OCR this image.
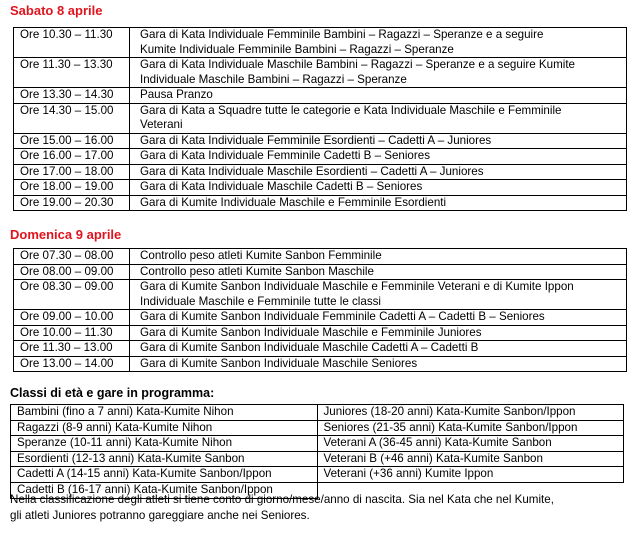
Sabato 8 aprile
Ore 10.30 – 11.30	Gara di Kata Individuale Femminile Bambini – Ragazzi – Speranze e a seguire
Kumite Individuale Femminile Bambini – Ragazzi – Speranze

Ore 11.30 – 13.30	Gara di Kata Individuale Maschile Bambini – Ragazzi – Speranze e a seguire Kumite
Individuale Maschile Bambini – Ragazzi – Speranze

Ore 13.30 – 14.30	Pausa Pranzo

Ore 14.30 – 15.00	Gara di Kata a Squadre tutte le categorie e Kata Individuale Maschile e Femminile
Veterani

Ore 15.00 – 16.00	Gara di Kata Individuale Femminile Esordienti – Cadetti A – Juniores

Ore 16.00 – 17.00	Gara di Kata Individuale Femminile Cadetti B – Seniores

Ore 17.00 – 18.00	Gara di Kata Individuale Maschile Esordienti – Cadetti A – Juniores

Ore 18.00 – 19.00	Gara di Kata Individuale Maschile Cadetti B – Seniores

Ore 19.00 – 20.30	Gara di Kumite Individuale Maschile e Femminile Esordienti
Domenica 9 aprile
Ore 07.30 – 08.00	Controllo peso atleti Kumite Sanbon Femminile

Ore 08.00 – 09.00	Controllo peso atleti Kumite Sanbon Maschile

Ore 08.30 – 09.00	Gara di Kumite Sanbon Individuale Maschile e Femminile Veterani e di Kumite Ippon
Individuale Maschile e Femminile tutte le classi

Ore 09.00 – 10.00	Gara di Kumite Sanbon Individuale Femminile Cadetti A – Cadetti B – Seniores

Ore 10.00 – 11.30	Gara di Kumite Sanbon Individuale Maschile e Femminile Juniores

Ore 11.30 – 13.00	Gara di Kumite Sanbon Individuale Maschile Cadetti A – Cadetti B

Ore 13.00 – 14.00	Gara di Kumite Sanbon Individuale Maschile Seniores
Classi di età e gare in programma:
Bambini (fino a 7 anni) Kata-Kumite Nihon	Juniores (18-20 anni) Kata-Kumite Sanbon/Ippon
Ragazzi (8-9 anni) Kata-Kumite Nihon	Seniores (21-35 anni) Kata-Kumite Sanbon/Ippon
Speranze (10-11 anni) Kata-Kumite Nihon	Veterani A (36-45 anni) Kata-Kumite Sanbon
Esordienti (12-13 anni) Kata-Kumite Sanbon	Veterani B (+46 anni) Kata-Kumite Sanbon
Cadetti A (14-15 anni) Kata-Kumite Sanbon/Ippon	Veterani (+36 anni) Kumite Ippon
Cadetti B (16-17 anni) Kata-Kumite Sanbon/Ippon	
Nella classificazione degli atleti si tiene conto di giorno/mese/anno di nascita. Sia nel Kata che nel Kumite,
gli atleti Juniores potranno gareggiare anche nei Seniores.
